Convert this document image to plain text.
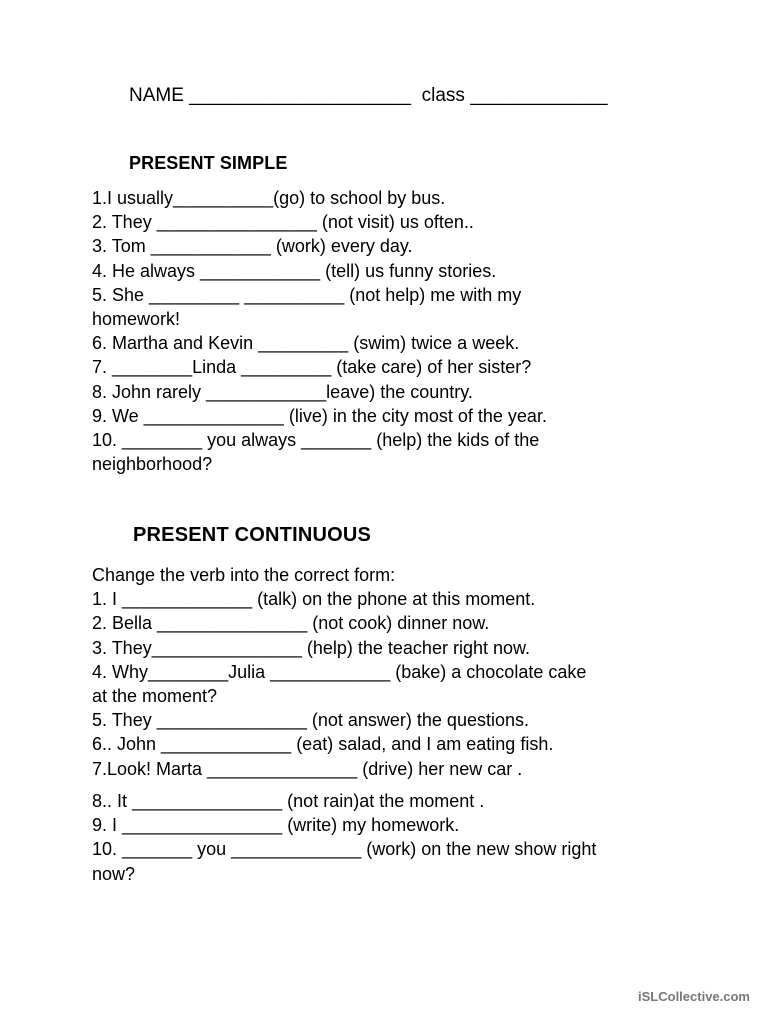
NAME _____________________  class _____________
PRESENT SIMPLE
1.I usually__________(go) to school by bus.
2. They ________________ (not visit) us often..
3. Tom ____________ (work) every day.
4. He always ____________ (tell) us funny stories.
5. She _________ __________ (not help) me with my
homework!
6. Martha and Kevin _________ (swim) twice a week.
7. ________Linda _________ (take care) of her sister?
8. John rarely ____________leave) the country.
9. We ______________ (live) in the city most of the year.
10. ________ you always _______ (help) the kids of the
neighborhood?
PRESENT CONTINUOUS
Change the verb into the correct form:
1. I _____________ (talk) on the phone at this moment.
2. Bella _______________ (not cook) dinner now.
3. They_______________ (help) the teacher right now.
4. Why________Julia ____________ (bake) a chocolate cake
at the moment?
5. They _______________ (not answer) the questions.
6.. John _____________ (eat) salad, and I am eating fish.
7.Look! Marta _______________ (drive) her new car .
8.. It _______________ (not rain)at the moment .
9. I ________________ (write) my homework.
10. _______ you _____________ (work) on the new show right
now?
iSLCollective.com
